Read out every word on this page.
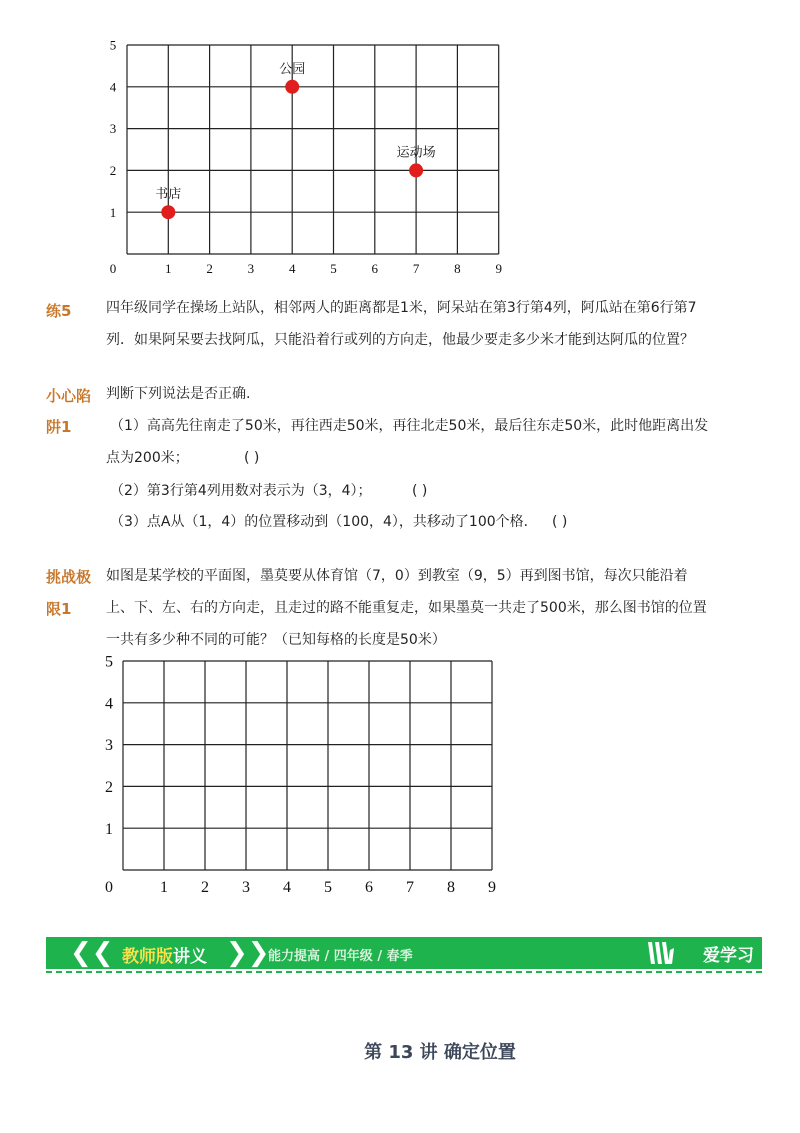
0	1	2	3	4	5	6	7	8	9
1
2
3
4
5
书店
公园
运动场
练5 四年级同学在操场上站队，相邻两人的距离都是1米，阿呆站在第3行第4列，阿瓜站在第6行第7
列．如果阿呆要去找阿瓜，只能沿着行或列的方向走，他最少要走多少米才能到达阿瓜的位置？
小心陷
阱1
判断下列说法是否正确.
（1）高高先往南走了50米，再往西走50米，再往北走50米，最后往东走50米，此时他距离出发
点为200米；	( )
（2）第3行第4列用数对表示为（3，4）；	( )
（3）点A从（1，4）的位置移动到（100，4），共移动了100个格． ( )
挑战极
限1
如图是某学校的平面图，墨莫要从体育馆（7，0）到教室（9，5）再到图书馆，每次只能沿着
上、下、左、右的方向走，且走过的路不能重复走，如果墨莫一共走了500米，那么图书馆的位置
一共有多少种不同的可能？（已知每格的长度是50米）
0	1 2 3 4 5 6 7 8 9
1
2
3
4
5
❮❮ 教师版讲义 ❯❯
能力提高 / 四年级 / 春季	爱学习
第 13 讲 确定位置
